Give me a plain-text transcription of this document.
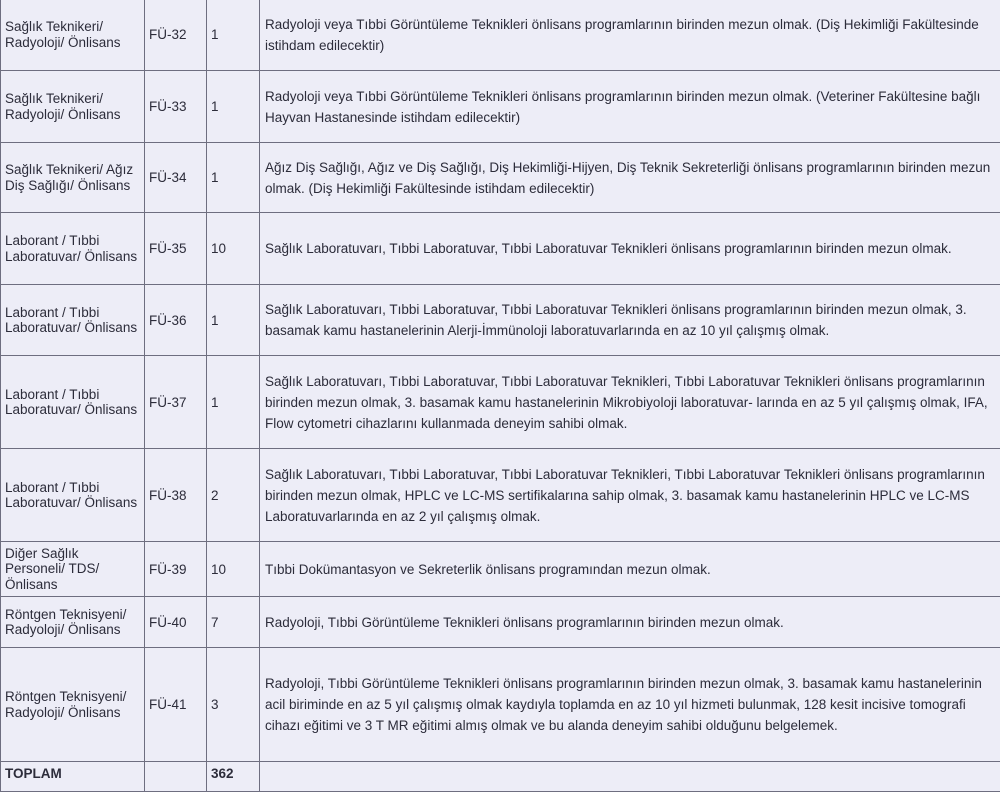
Sağlık Teknikeri/ Radyoloji/ Önlisans	FÜ-32	1	Radyoloji veya Tıbbi Görüntüleme Teknikleri önlisans programlarının birinden mezun olmak. (Diş Hekimliği Fakültesinde istihdam edilecektir)
Sağlık Teknikeri/ Radyoloji/ Önlisans	FÜ-33	1	Radyoloji veya Tıbbi Görüntüleme Teknikleri önlisans programlarının birinden mezun olmak. (Veteriner Fakültesine bağlı Hayvan Hastanesinde istihdam edilecektir)
Sağlık Teknikeri/ Ağız Diş Sağlığı/ Önlisans	FÜ-34	1	Ağız Diş Sağlığı, Ağız ve Diş Sağlığı, Diş Hekimliği-Hijyen, Diş Teknik Sekreterliği önlisans programlarının birinden mezun olmak. (Diş Hekimliği Fakültesinde istihdam edilecektir)
Laborant / Tıbbi Laboratuvar/ Önlisans	FÜ-35	10	Sağlık Laboratuvarı, Tıbbi Laboratuvar, Tıbbi Laboratuvar Teknikleri önlisans programlarının birinden mezun olmak.
Laborant / Tıbbi Laboratuvar/ Önlisans	FÜ-36	1	Sağlık Laboratuvarı, Tıbbi Laboratuvar, Tıbbi Laboratuvar Teknikleri önlisans programlarının birinden mezun olmak, 3. basamak kamu hastanelerinin Alerji-İmmünoloji laboratuvarlarında en az 10 yıl çalışmış olmak.
Laborant / Tıbbi Laboratuvar/ Önlisans	FÜ-37	1	Sağlık Laboratuvarı, Tıbbi Laboratuvar, Tıbbi Laboratuvar Teknikleri, Tıbbi Laboratuvar Teknikleri önlisans programlarının birinden mezun olmak, 3. basamak kamu hastanelerinin Mikrobiyoloji laboratuvar- larında en az 5 yıl çalışmış olmak, IFA, Flow cytometri cihazlarını kullanmada deneyim sahibi olmak.
Laborant / Tıbbi Laboratuvar/ Önlisans	FÜ-38	2	Sağlık Laboratuvarı, Tıbbi Laboratuvar, Tıbbi Laboratuvar Teknikleri, Tıbbi Laboratuvar Teknikleri önlisans programlarının birinden mezun olmak, HPLC ve LC-MS sertifikalarına sahip olmak, 3. basamak kamu hastanelerinin HPLC ve LC-MS Laboratuvarlarında en az 2 yıl çalışmış olmak.
Diğer Sağlık Personeli/ TDS/Önlisans	FÜ-39	10	Tıbbi Dokümantasyon ve Sekreterlik önlisans programından mezun olmak.
Röntgen Teknisyeni/ Radyoloji/ Önlisans	FÜ-40	7	Radyoloji, Tıbbi Görüntüleme Teknikleri önlisans programlarının birinden mezun olmak.
Röntgen Teknisyeni/ Radyoloji/ Önlisans	FÜ-41	3	Radyoloji, Tıbbi Görüntüleme Teknikleri önlisans programlarının birinden mezun olmak, 3. basamak kamu hastanelerinin acil biriminde en az 5 yıl çalışmış olmak kaydıyla toplamda en az 10 yıl hizmeti bulunmak, 128 kesit incisive tomografi cihazı eğitimi ve 3 T MR eğitimi almış olmak ve bu alanda deneyim sahibi olduğunu belgelemek.
TOPLAM		362	
